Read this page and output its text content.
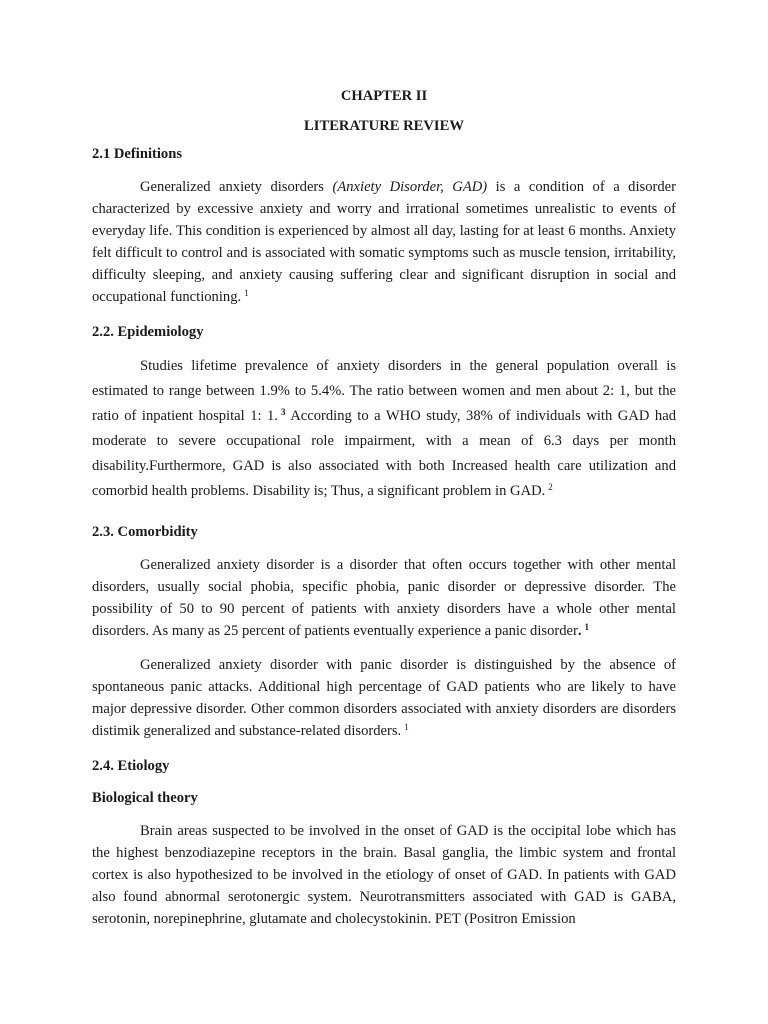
CHAPTER II
LITERATURE REVIEW
2.1 Definitions

Generalized anxiety disorders (Anxiety Disorder, GAD) is a condition of a disorder characterized by excessive anxiety and worry and irrational sometimes unrealistic to events of everyday life. This condition is experienced by almost all day, lasting for at least 6 months. Anxiety felt difficult to control and is associated with somatic symptoms such as muscle tension, irritability, difficulty sleeping, and anxiety causing suffering clear and significant disruption in social and occupational functioning. $^1$

2.2. Epidemiology

Studies lifetime prevalence of anxiety disorders in the general population overall is estimated to range between 1.9% to 5.4%. The ratio between women and men about 2: 1, but the ratio of inpatient hospital 1: 1. $^3$ According to a WHO study, 38% of individuals with GAD had moderate to severe occupational role impairment, with a mean of 6.3 days per month disability.Furthermore, GAD is also associated with both Increased health care utilization and comorbid health problems. Disability is; Thus, a significant problem in GAD. $^2$

2.3. Comorbidity

Generalized anxiety disorder is a disorder that often occurs together with other mental disorders, usually social phobia, specific phobia, panic disorder or depressive disorder. The possibility of 50 to 90 percent of patients with anxiety disorders have a whole other mental disorders. As many as 25 percent of patients eventually experience a panic disorder. $^1$

Generalized anxiety disorder with panic disorder is distinguished by the absence of spontaneous panic attacks. Additional high percentage of GAD patients who are likely to have major depressive disorder. Other common disorders associated with anxiety disorders are disorders distimik generalized and substance-related disorders. $^1$

2.4. Etiology
Biological theory

Brain areas suspected to be involved in the onset of GAD is the occipital lobe which has the highest benzodiazepine receptors in the brain. Basal ganglia, the limbic system and frontal cortex is also hypothesized to be involved in the etiology of onset of GAD. In patients with GAD also found abnormal serotonergic system. Neurotransmitters associated with GAD is GABA, serotonin, norepinephrine, glutamate and cholecystokinin. PET (Positron Emission
